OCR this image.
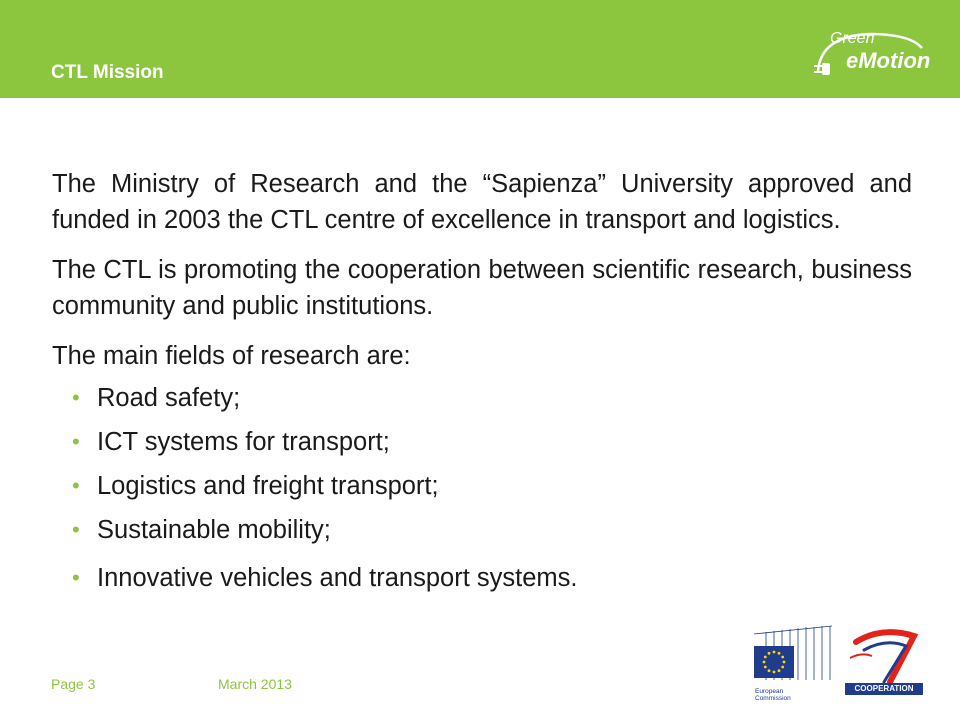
CTL Mission
Green
eMotion

The Ministry of Research and the “Sapienza” University approved and funded in 2003 the CTL centre of excellence in transport and logistics.

The CTL is promoting the cooperation between scientific research, business community and public institutions.

The main fields of research are:

• Road safety;
• ICT systems for transport;
• Logistics and freight transport;
• Sustainable mobility;
• Innovative vehicles and transport systems.
Page 3	March 2013	European
Commission
COOPERATION
